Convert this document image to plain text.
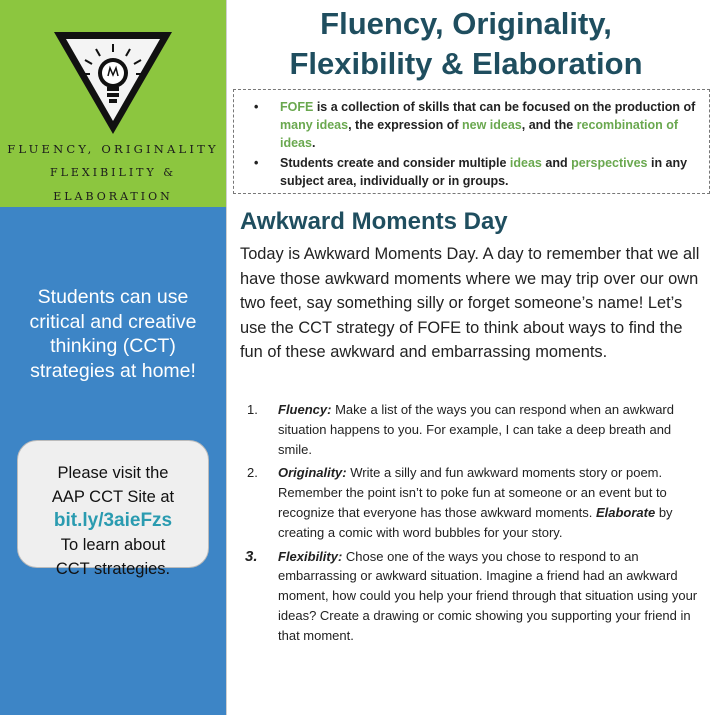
FLUENCY, ORIGINALITY
FLEXIBILITY &
ELABORATION
Students can use critical and creative thinking (CCT) strategies at home!
Please visit the AAP CCT Site at
bit.ly/3aieFzs
To learn about CCT strategies.
Fluency, Originality,
Flexibility & Elaboration
• FOFE is a collection of skills that can be focused on the production of many ideas, the expression of new ideas, and the recombination of ideas.
• Students create and consider multiple ideas and perspectives in any subject area, individually or in groups.
Awkward Moments Day
Today is Awkward Moments Day. A day to remember that we all have those awkward moments where we may trip over our own two feet, say something silly or forget someone’s name! Let’s use the CCT strategy of FOFE to think about ways to find the fun of these awkward and embarrassing moments.
1. Fluency: Make a list of the ways you can respond when an awkward situation happens to you. For example, I can take a deep breath and smile.
2. Originality: Write a silly and fun awkward moments story or poem. Remember the point isn’t to poke fun at someone or an event but to recognize that everyone has those awkward moments. Elaborate by creating a comic with word bubbles for your story.
3. Flexibility: Chose one of the ways you chose to respond to an embarrassing or awkward situation. Imagine a friend had an awkward moment, how could you help your friend through that situation using your ideas? Create a drawing or comic showing you supporting your friend in that moment.
